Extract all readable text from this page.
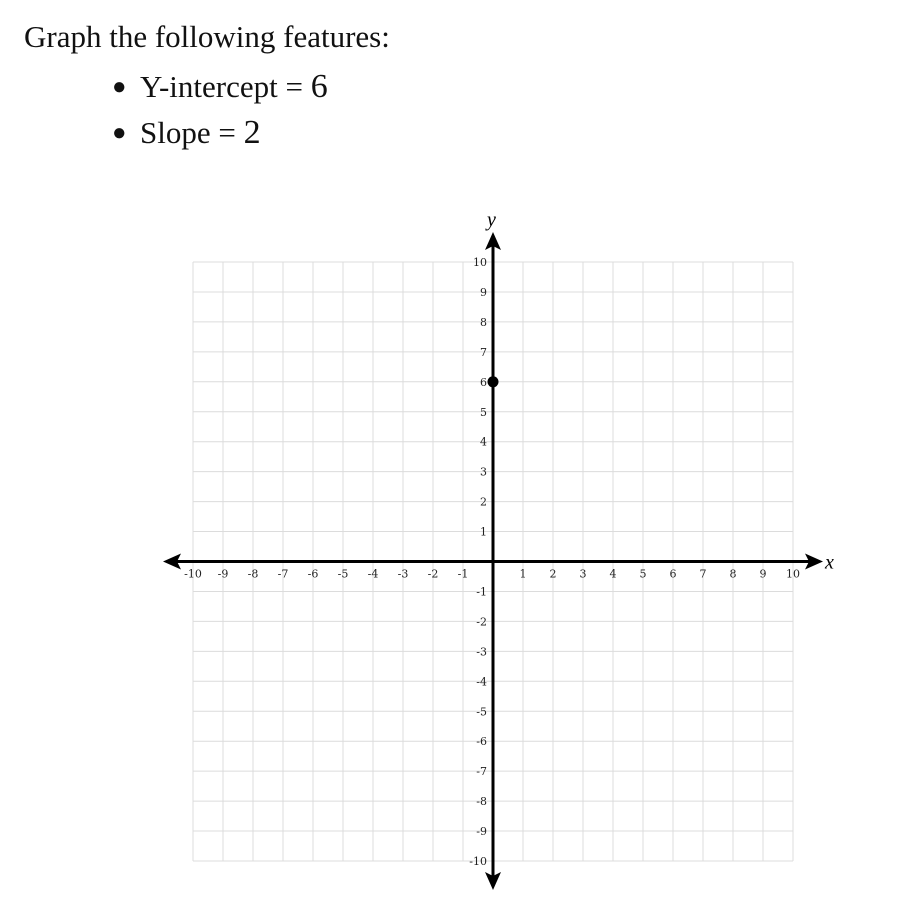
Graph the following features:
● Y-intercept = 6
● Slope = 2
x
y
-10 -9 -8 -7 -6 -5 -4 -3 -2 -1	1 2 3 4 5 6 7 8 9 10
10
9
8
7
6
5
4
3
2
1
-1
-2
-3
-4
-5
-6
-7
-8
-9
-10
